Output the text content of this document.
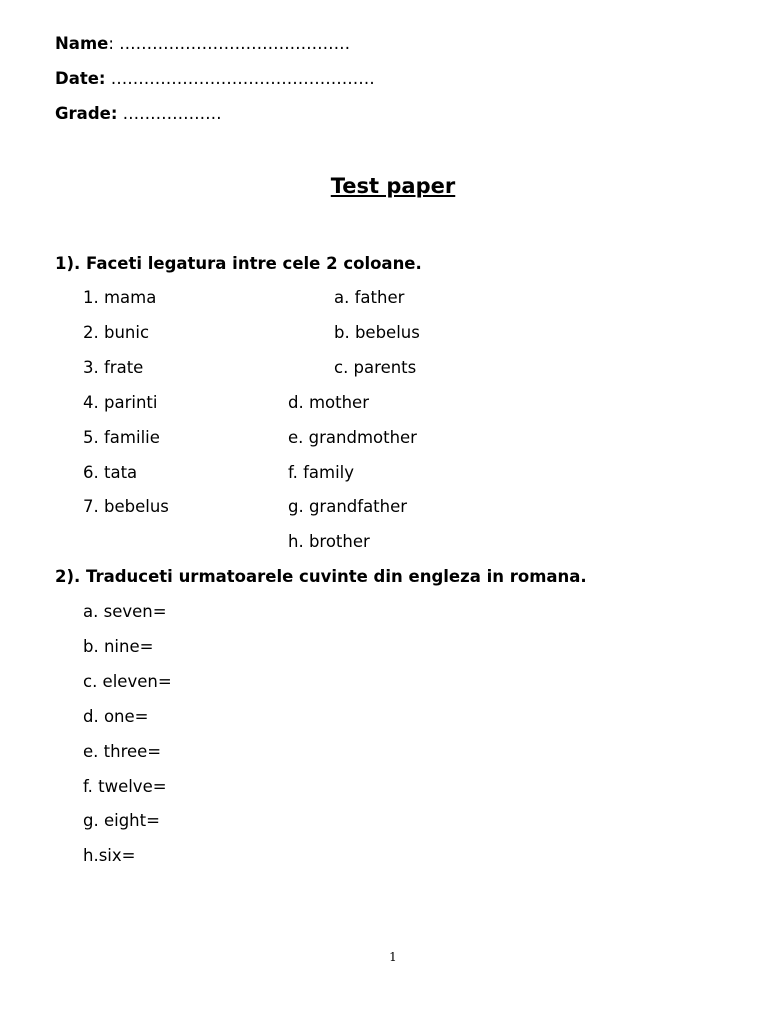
Name: ……………………………………
Date: …………………………………………
Grade: ………………
Test paper
1). Faceti legatura intre cele 2 coloane.
1. mama
2. bunic
3. frate
4. parinti
5. familie
6. tata
7. bebelus
a. father
b. bebelus
c. parents
d. mother
e. grandmother
f. family
g. grandfather
h. brother
2). Traduceti urmatoarele cuvinte din engleza in romana.
a. seven=
b. nine=
c. eleven=
d. one=
e. three=
f. twelve=
g. eight=
h.six=
1
